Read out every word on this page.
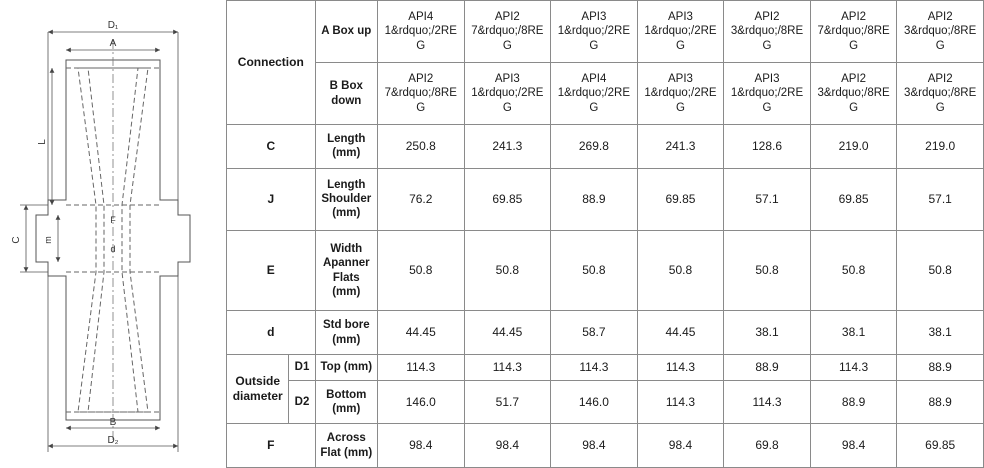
D₁
A
L
C m
F
d
B
D₂
Connection		A Box up	API4 1&rdquo;/2REG	API2 7&rdquo;/8REG	API3 1&rdquo;/2REG	API3 1&rdquo;/2REG	API2 3&rdquo;/8REG	API2 7&rdquo;/8REG	API2 3&rdquo;/8REG
		B Box down	API2 7&rdquo;/8REG	API3 1&rdquo;/2REG	API4 1&rdquo;/2REG	API3 1&rdquo;/2REG	API3 1&rdquo;/2REG	API2 3&rdquo;/8REG	API2 3&rdquo;/8REG
C		Length (mm)	250.8	241.3	269.8	241.3	128.6	219.0	219.0
J		Length Shoulder (mm)	76.2	69.85	88.9	69.85	57.1	69.85	57.1
E		Width Apanner Flats (mm)	50.8	50.8	50.8	50.8	50.8	50.8	50.8
d		Std bore (mm)	44.45	44.45	58.7	44.45	38.1	38.1	38.1
Outside diameter	D1	Top (mm)	114.3	114.3	114.3	114.3	88.9	114.3	88.9
	D2	Bottom (mm)	146.0	51.7	146.0	114.3	114.3	88.9	88.9
F		Across Flat (mm)	98.4	98.4	98.4	98.4	69.8	98.4	69.85
